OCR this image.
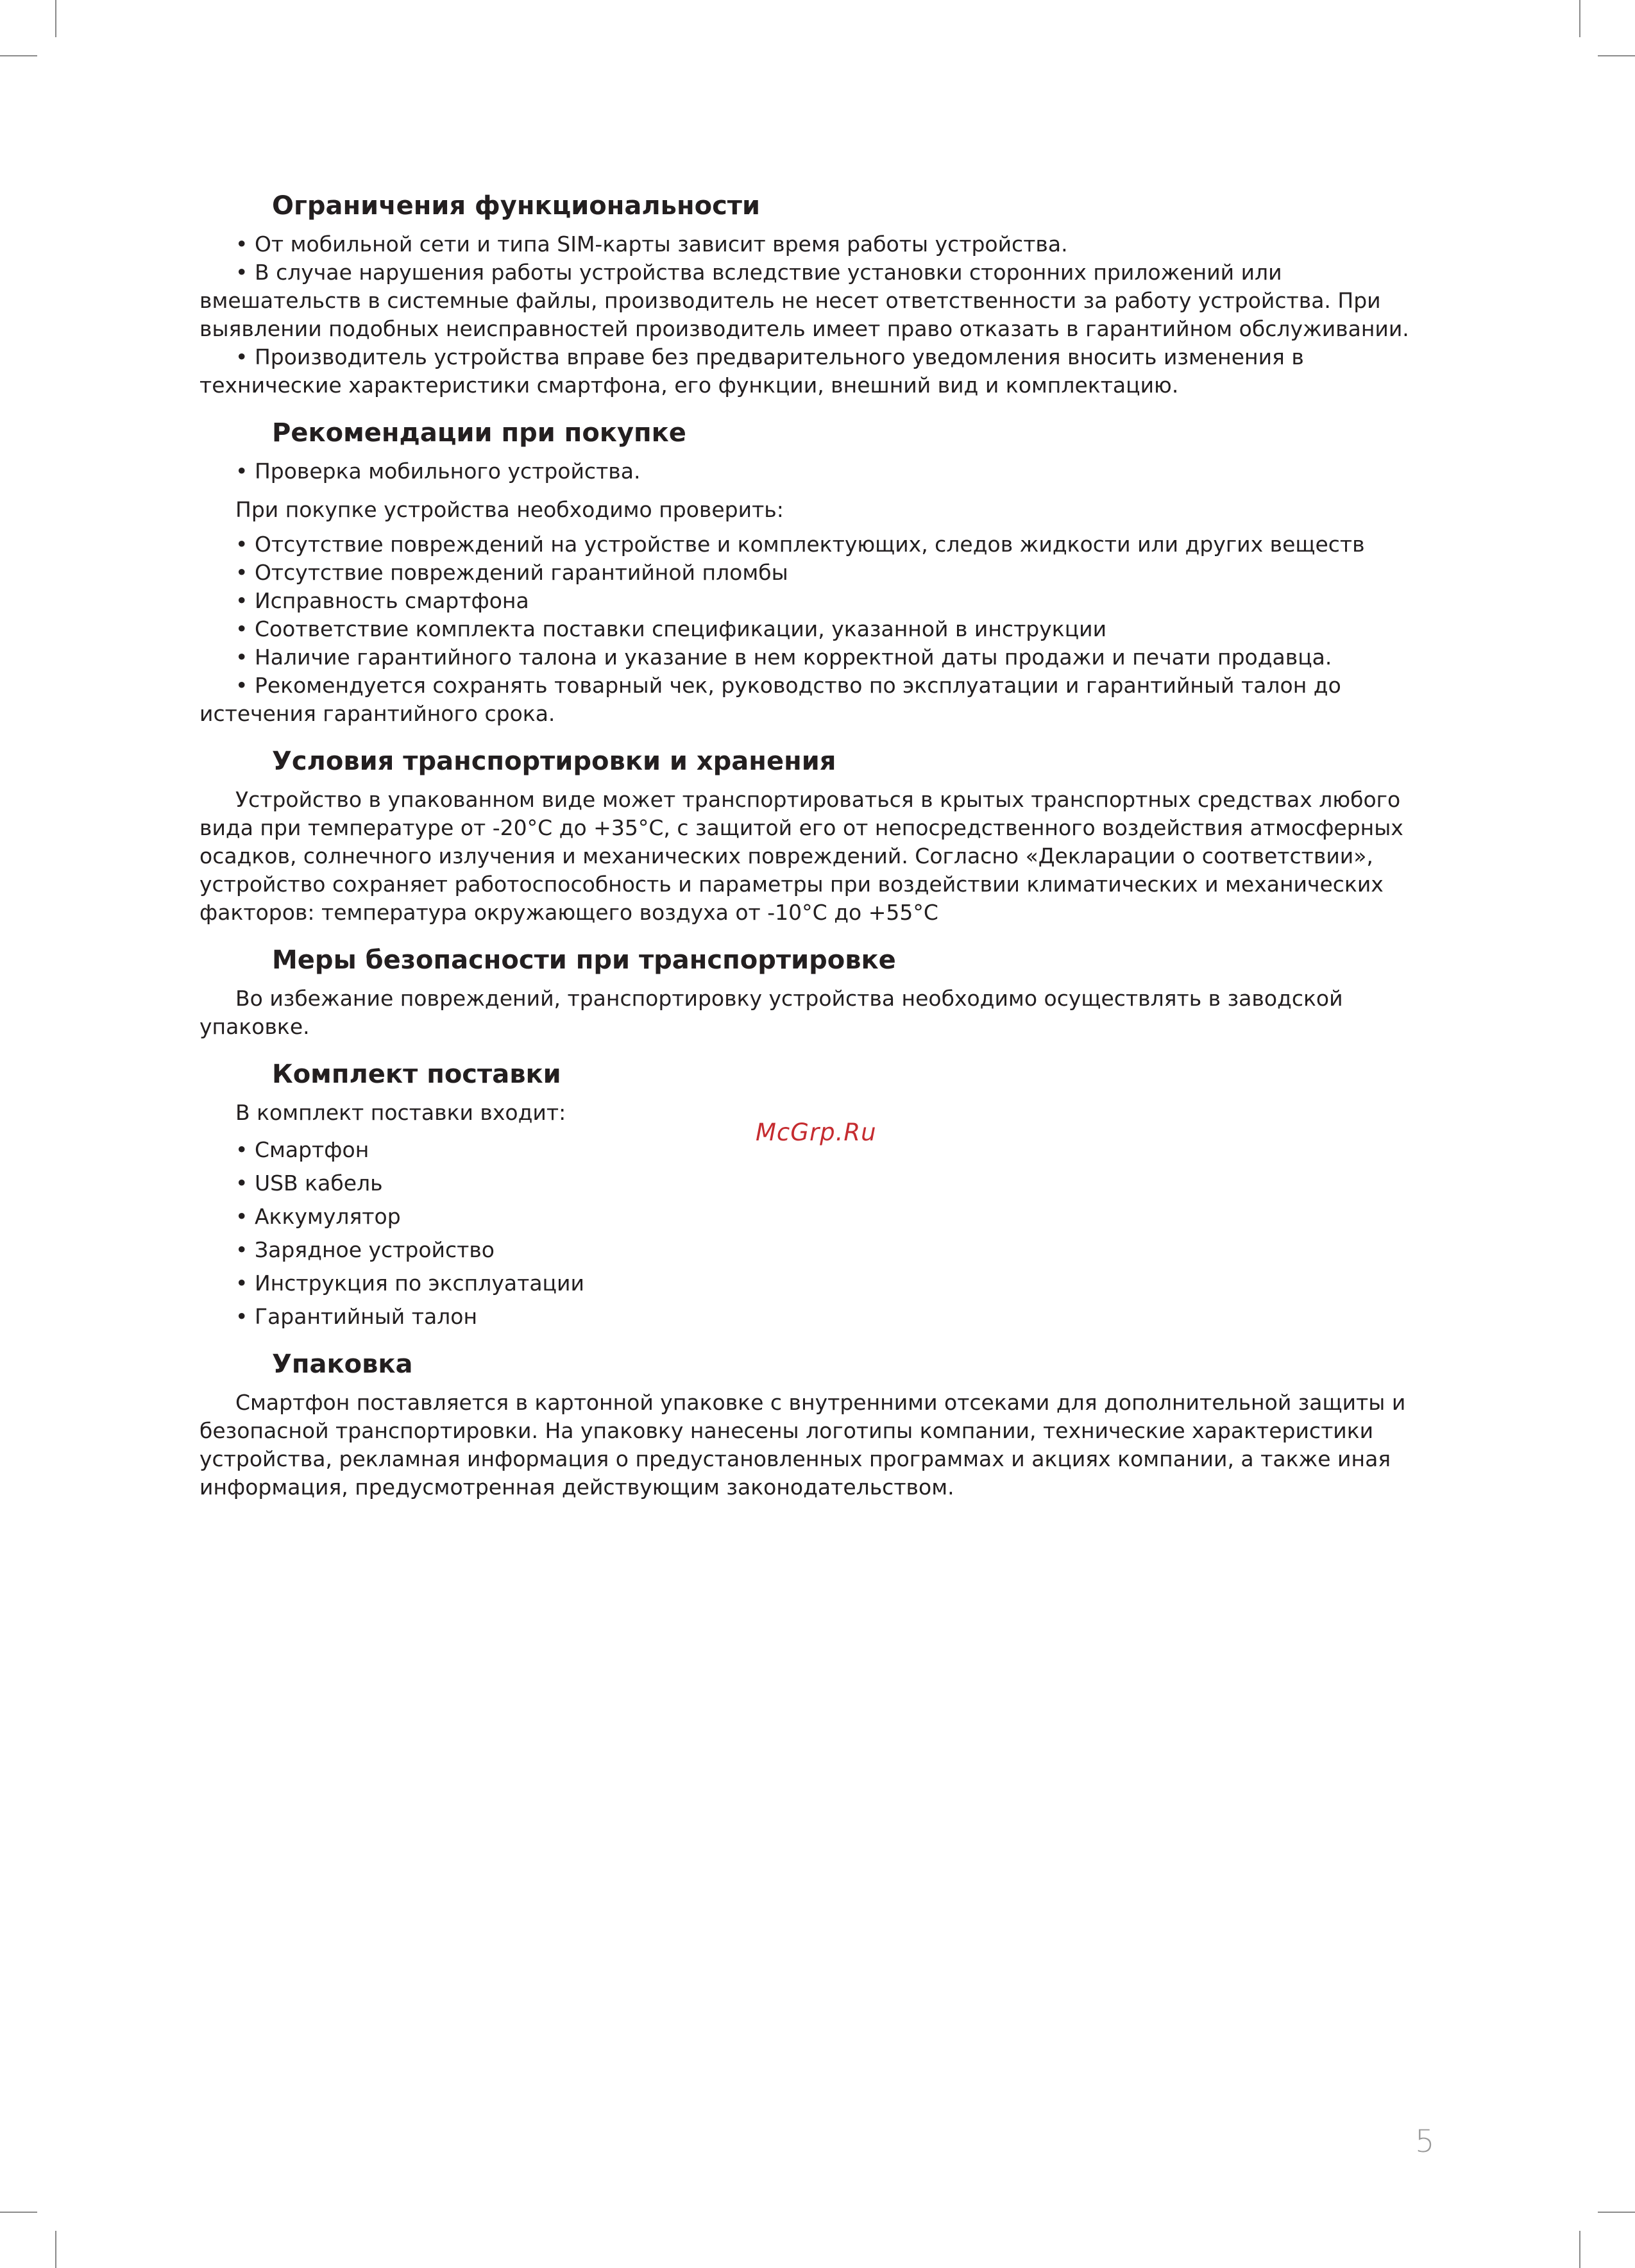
Ограничения функциональности

• От мобильной сети и типа SIM-карты зависит время работы устройства.

• В случае нарушения работы устройства вследствие установки сторонних приложений или вмешательств в системные файлы, производитель не несет ответственности за работу устройства. При выявлении подобных неисправностей производитель имеет право отказать в гарантийном обслуживании.

• Производитель устройства вправе без предварительного уведомления вносить изменения в технические характеристики смартфона, его функции, внешний вид и комплектацию.

Рекомендации при покупке

• Проверка мобильного устройства.

При покупке устройства необходимо проверить:

• Отсутствие повреждений на устройстве и комплектующих, следов жидкости или других веществ

• Отсутствие повреждений гарантийной пломбы

• Исправность смартфона

• Соответствие комплекта поставки спецификации, указанной в инструкции

• Наличие гарантийного талона и указание в нем корректной даты продажи и печати продавца.

• Рекомендуется сохранять товарный чек, руководство по эксплуатации и гарантийный талон до истечения гарантийного срока.

Условия транспортировки и хранения

Устройство в упакованном виде может транспортироваться в крытых транспортных средствах любого вида при температуре от -20°С до +35°С, с защитой его от непосредственного воздействия атмосферных осадков, солнечного излучения и механических повреждений. Согласно «Декларации о соответствии», устройство сохраняет работоспособность и параметры при воздействии климатических и механических факторов: температура окружающего воздуха от -10°С до +55°С

Меры безопасности при транспортировке

Во избежание повреждений, транспортировку устройства необходимо осуществлять в заводской упаковке.

Комплект поставки

В комплект поставки входит:

• Смартфон

• USB кабель

• Аккумулятор

• Зарядное устройство

• Инструкция по эксплуатации

• Гарантийный талон

Упаковка

Смартфон поставляется в картонной упаковке с внутренними отсеками для дополнительной защиты и безопасной транспортировки. На упаковку нанесены логотипы компании, технические характеристики устройства, рекламная информация о предустановленных программах и акциях компании, а также иная информация, предусмотренная действующим законодательством.

McGrp.Ru
5
